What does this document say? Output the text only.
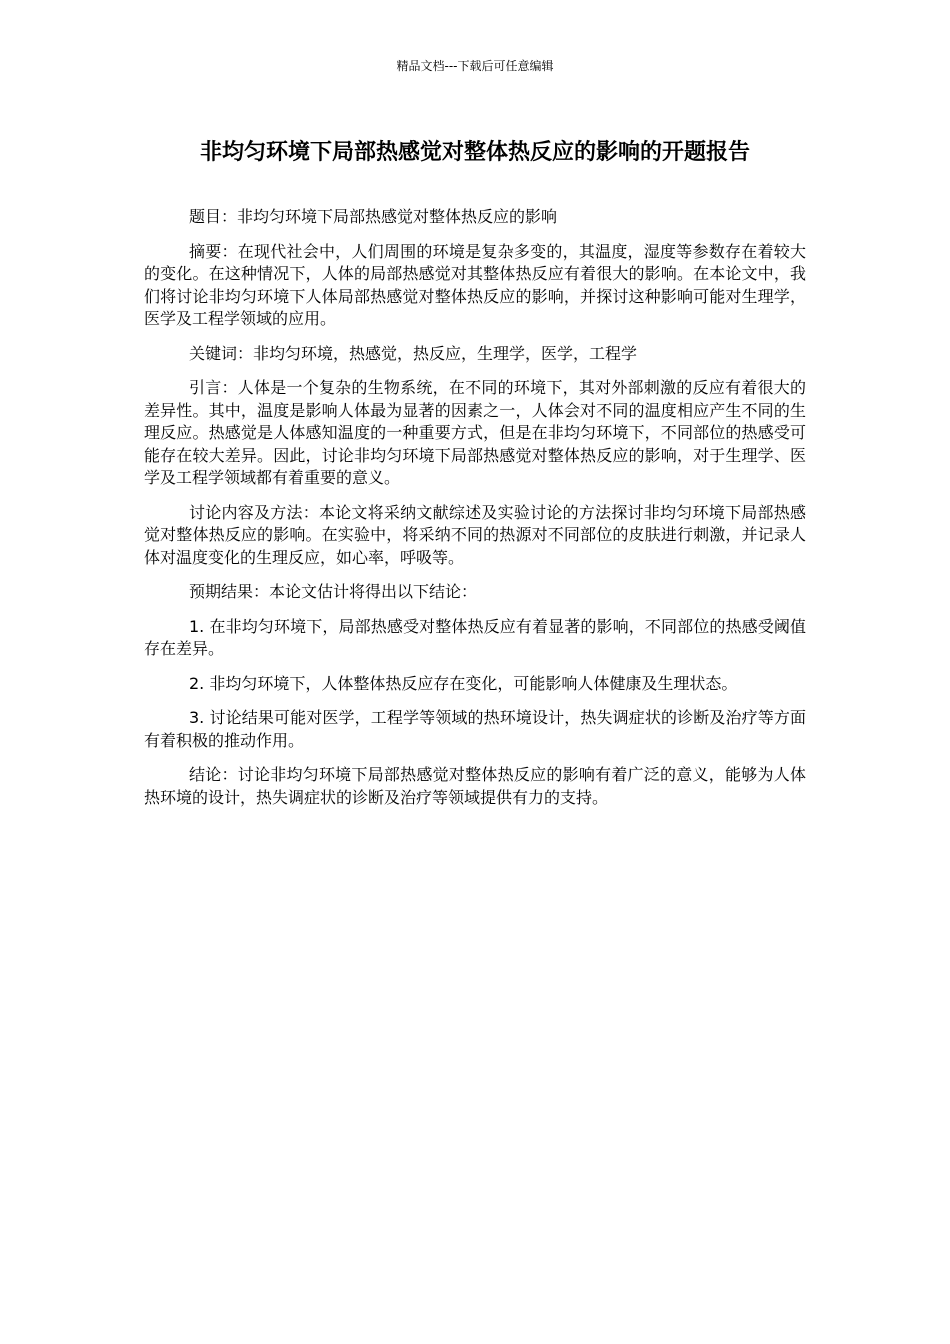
精品文档---下载后可任意编辑
非均匀环境下局部热感觉对整体热反应的影响的开题报告

题目：非均匀环境下局部热感觉对整体热反应的影响

摘要：在现代社会中，人们周围的环境是复杂多变的，其温度，湿度等参数存在着较大的变化。在这种情况下，人体的局部热感觉对其整体热反应有着很大的影响。在本论文中，我们将讨论非均匀环境下人体局部热感觉对整体热反应的影响，并探讨这种影响可能对生理学，医学及工程学领域的应用。

关键词：非均匀环境，热感觉，热反应，生理学，医学，工程学

引言：人体是一个复杂的生物系统，在不同的环境下，其对外部刺激的反应有着很大的差异性。其中，温度是影响人体最为显著的因素之一，人体会对不同的温度相应产生不同的生理反应。热感觉是人体感知温度的一种重要方式，但是在非均匀环境下，不同部位的热感受可能存在较大差异。因此，讨论非均匀环境下局部热感觉对整体热反应的影响，对于生理学、医学及工程学领域都有着重要的意义。

讨论内容及方法：本论文将采纳文献综述及实验讨论的方法探讨非均匀环境下局部热感觉对整体热反应的影响。在实验中，将采纳不同的热源对不同部位的皮肤进行刺激，并记录人体对温度变化的生理反应，如心率，呼吸等。

预期结果：本论文估计将得出以下结论：

1. 在非均匀环境下，局部热感受对整体热反应有着显著的影响，不同部位的热感受阈值存在差异。

2. 非均匀环境下，人体整体热反应存在变化，可能影响人体健康及生理状态。

3. 讨论结果可能对医学，工程学等领域的热环境设计，热失调症状的诊断及治疗等方面有着积极的推动作用。

结论：讨论非均匀环境下局部热感觉对整体热反应的影响有着广泛的意义，能够为人体热环境的设计，热失调症状的诊断及治疗等领域提供有力的支持。
